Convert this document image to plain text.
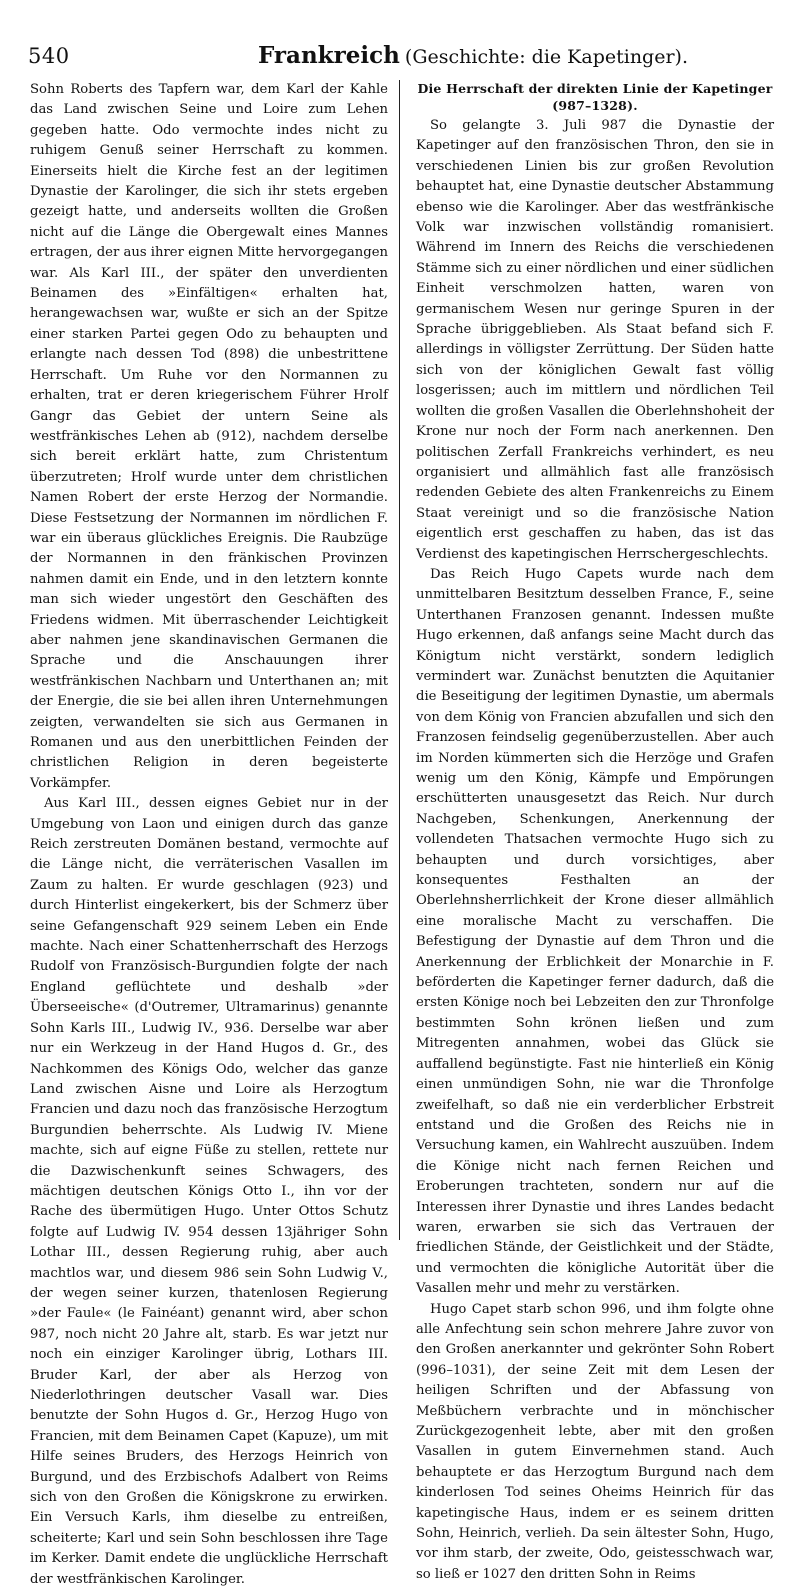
540	Frankreich (Geschichte: die Kapetinger).

Sohn Roberts des Tapfern war, dem Karl der Kahle das Land zwischen Seine und Loire zum Lehen gegeben hatte. Odo vermochte indes nicht zu ruhigem Genuß seiner Herrschaft zu kommen. Einerseits hielt die Kirche fest an der legitimen Dynastie der Karolinger, die sich ihr stets ergeben gezeigt hatte, und anderseits wollten die Großen nicht auf die Länge die Obergewalt eines Mannes ertragen, der aus ihrer eignen Mitte hervorgegangen war. Als Karl III., der später den unverdienten Beinamen des »Einfältigen« erhalten hat, herangewachsen war, wußte er sich an der Spitze einer starken Partei gegen Odo zu behaupten und erlangte nach dessen Tod (898) die unbestrittene Herrschaft. Um Ruhe vor den Normannen zu erhalten, trat er deren kriegerischem Führer Hrolf Gangr das Gebiet der untern Seine als westfränkisches Lehen ab (912), nachdem derselbe sich bereit erklärt hatte, zum Christentum überzutreten; Hrolf wurde unter dem christlichen Namen Robert der erste Herzog der Normandie. Diese Festsetzung der Normannen im nördlichen F. war ein überaus glückliches Ereignis. Die Raubzüge der Normannen in den fränkischen Provinzen nahmen damit ein Ende, und in den letztern konnte man sich wieder ungestört den Geschäften des Friedens widmen. Mit überraschender Leichtigkeit aber nahmen jene skandinavischen Germanen die Sprache und die Anschauungen ihrer westfränkischen Nachbarn und Unterthanen an; mit der Energie, die sie bei allen ihren Unternehmungen zeigten, verwandelten sie sich aus Germanen in Romanen und aus den unerbittlichen Feinden der christlichen Religion in deren begeisterte Vorkämpfer.

Aus Karl III., dessen eignes Gebiet nur in der Umgebung von Laon und einigen durch das ganze Reich zerstreuten Domänen bestand, vermochte auf die Länge nicht, die verräterischen Vasallen im Zaum zu halten. Er wurde geschlagen (923) und durch Hinterlist eingekerkert, bis der Schmerz über seine Gefangenschaft 929 seinem Leben ein Ende machte. Nach einer Schattenherrschaft des Herzogs Rudolf von Französisch-Burgundien folgte der nach England geflüchtete und deshalb »der Überseeische« (d'Outremer, Ultramarinus) genannte Sohn Karls III., Ludwig IV., 936. Derselbe war aber nur ein Werkzeug in der Hand Hugos d. Gr., des Nachkommen des Königs Odo, welcher das ganze Land zwischen Aisne und Loire als Herzogtum Francien und dazu noch das französische Herzogtum Burgundien beherrschte. Als Ludwig IV. Miene machte, sich auf eigne Füße zu stellen, rettete nur die Dazwischenkunft seines Schwagers, des mächtigen deutschen Königs Otto I., ihn vor der Rache des übermütigen Hugo. Unter Ottos Schutz folgte auf Ludwig IV. 954 dessen 13jähriger Sohn Lothar III., dessen Regierung ruhig, aber auch machtlos war, und diesem 986 sein Sohn Ludwig V., der wegen seiner kurzen, thatenlosen Regierung »der Faule« (le Fainéant) genannt wird, aber schon 987, noch nicht 20 Jahre alt, starb. Es war jetzt nur noch ein einziger Karolinger übrig, Lothars III. Bruder Karl, der aber als Herzog von Niederlothringen deutscher Vasall war. Dies benutzte der Sohn Hugos d. Gr., Herzog Hugo von Francien, mit dem Beinamen Capet (Kapuze), um mit Hilfe seines Bruders, des Herzogs Heinrich von Burgund, und des Erzbischofs Adalbert von Reims sich von den Großen die Königskrone zu erwirken. Ein Versuch Karls, ihm dieselbe zu entreißen, scheiterte; Karl und sein Sohn beschlossen ihre Tage im Kerker. Damit endete die unglückliche Herrschaft der westfränkischen Karolinger.

Die Herrschaft der direkten Linie der Kapetinger
(987–1328).

So gelangte 3. Juli 987 die Dynastie der Kapetinger auf den französischen Thron, den sie in verschiedenen Linien bis zur großen Revolution behauptet hat, eine Dynastie deutscher Abstammung ebenso wie die Karolinger. Aber das westfränkische Volk war inzwischen vollständig romanisiert. Während im Innern des Reichs die verschiedenen Stämme sich zu einer nördlichen und einer südlichen Einheit verschmolzen hatten, waren von germanischem Wesen nur geringe Spuren in der Sprache übriggeblieben. Als Staat befand sich F. allerdings in völligster Zerrüttung. Der Süden hatte sich von der königlichen Gewalt fast völlig losgerissen; auch im mittlern und nördlichen Teil wollten die großen Vasallen die Oberlehnshoheit der Krone nur noch der Form nach anerkennen. Den politischen Zerfall Frankreichs verhindert, es neu organisiert und allmählich fast alle französisch redenden Gebiete des alten Frankenreichs zu Einem Staat vereinigt und so die französische Nation eigentlich erst geschaffen zu haben, das ist das Verdienst des kapetingischen Herrschergeschlechts.

Das Reich Hugo Capets wurde nach dem unmittelbaren Besitztum desselben France, F., seine Unterthanen Franzosen genannt. Indessen mußte Hugo erkennen, daß anfangs seine Macht durch das Königtum nicht verstärkt, sondern lediglich vermindert war. Zunächst benutzten die Aquitanier die Beseitigung der legitimen Dynastie, um abermals von dem König von Francien abzufallen und sich den Franzosen feindselig gegenüberzustellen. Aber auch im Norden kümmerten sich die Herzöge und Grafen wenig um den König, Kämpfe und Empörungen erschütterten unausgesetzt das Reich. Nur durch Nachgeben, Schenkungen, Anerkennung der vollendeten Thatsachen vermochte Hugo sich zu behaupten und durch vorsichtiges, aber konsequentes Festhalten an der Oberlehnsherrlichkeit der Krone dieser allmählich eine moralische Macht zu verschaffen. Die Befestigung der Dynastie auf dem Thron und die Anerkennung der Erblichkeit der Monarchie in F. beförderten die Kapetinger ferner dadurch, daß die ersten Könige noch bei Lebzeiten den zur Thronfolge bestimmten Sohn krönen ließen und zum Mitregenten annahmen, wobei das Glück sie auffallend begünstigte. Fast nie hinterließ ein König einen unmündigen Sohn, nie war die Thronfolge zweifelhaft, so daß nie ein verderblicher Erbstreit entstand und die Großen des Reichs nie in Versuchung kamen, ein Wahlrecht auszuüben. Indem die Könige nicht nach fernen Reichen und Eroberungen trachteten, sondern nur auf die Interessen ihrer Dynastie und ihres Landes bedacht waren, erwarben sie sich das Vertrauen der friedlichen Stände, der Geistlichkeit und der Städte, und vermochten die königliche Autorität über die Vasallen mehr und mehr zu verstärken.

Hugo Capet starb schon 996, und ihm folgte ohne alle Anfechtung sein schon mehrere Jahre zuvor von den Großen anerkannter und gekrönter Sohn Robert (996–1031), der seine Zeit mit dem Lesen der heiligen Schriften und der Abfassung von Meßbüchern verbrachte und in mönchischer Zurückgezogenheit lebte, aber mit den großen Vasallen in gutem Einvernehmen stand. Auch behauptete er das Herzogtum Burgund nach dem kinderlosen Tod seines Oheims Heinrich für das kapetingische Haus, indem er es seinem dritten Sohn, Heinrich, verlieh. Da sein ältester Sohn, Hugo, vor ihm starb, der zweite, Odo, geistesschwach war, so ließ er 1027 den dritten Sohn in Reims
